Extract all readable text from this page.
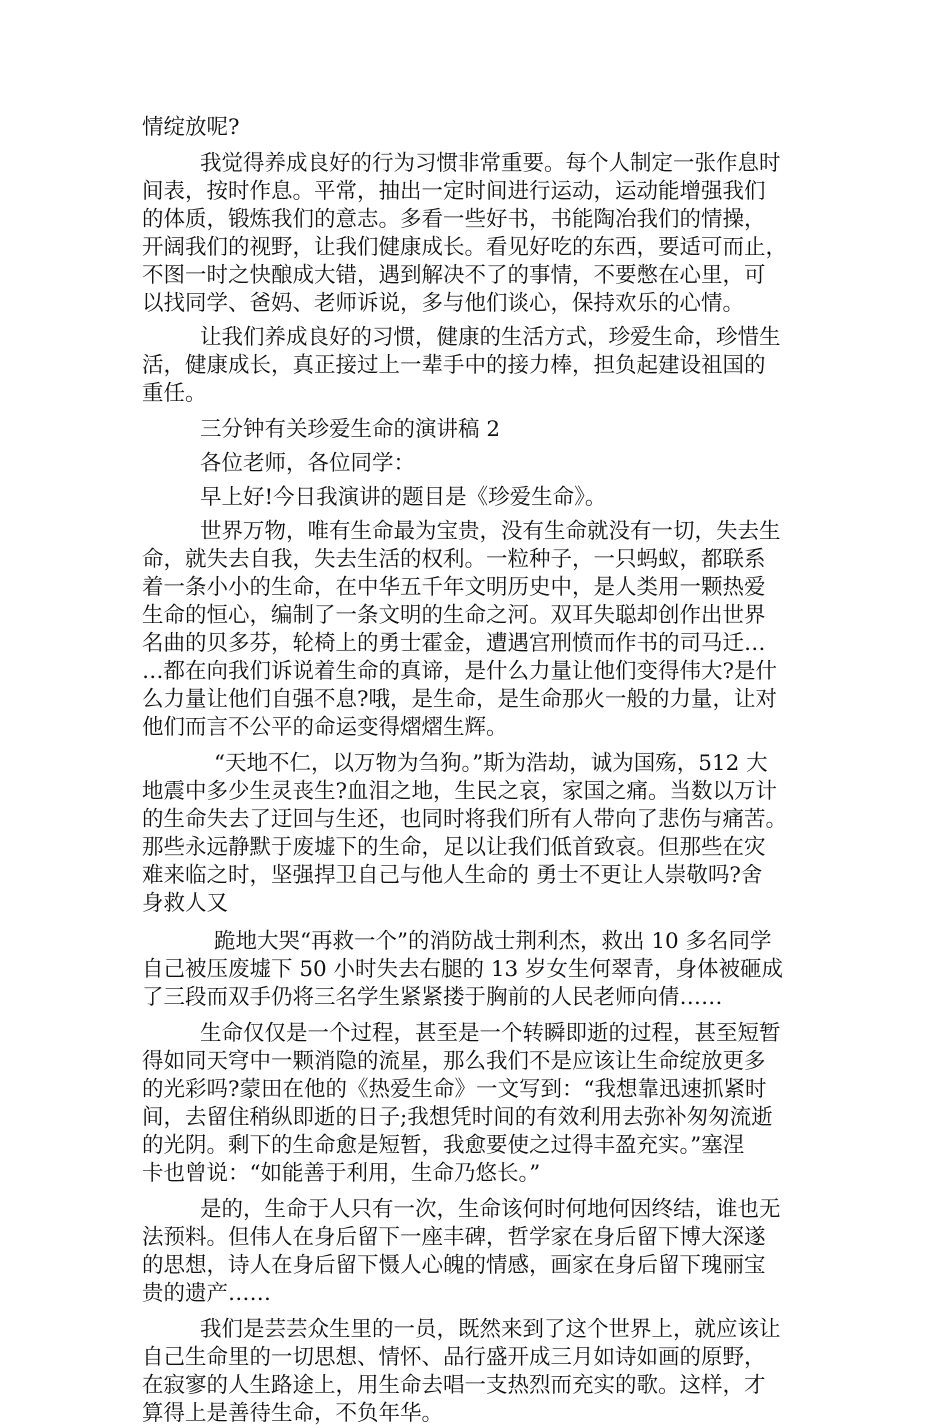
情绽放呢?
我觉得养成良好的行为习惯非常重要。每个人制定一张作息时
间表，按时作息。平常，抽出一定时间进行运动，运动能增强我们
的体质，锻炼我们的意志。多看一些好书，书能陶冶我们的情操，
开阔我们的视野，让我们健康成长。看见好吃的东西，要适可而止，
不图一时之快酿成大错，遇到解决不了的事情，不要憋在心里，可
以找同学、爸妈、老师诉说，多与他们谈心，保持欢乐的心情。
让我们养成良好的习惯，健康的生活方式，珍爱生命，珍惜生
活，健康成长，真正接过上一辈手中的接力棒，担负起建设祖国的
重任。
三分钟有关珍爱生命的演讲稿 2
各位老师，各位同学：
早上好!今日我演讲的题目是《珍爱生命》。
世界万物，唯有生命最为宝贵，没有生命就没有一切，失去生
命，就失去自我，失去生活的权利。一粒种子，一只蚂蚁，都联系
着一条小小的生命，在中华五千年文明历史中，是人类用一颗热爱
生命的恒心，编制了一条文明的生命之河。双耳失聪却创作出世界
名曲的贝多芬，轮椅上的勇士霍金，遭遇宫刑愤而作书的司马迁…
…都在向我们诉说着生命的真谛，是什么力量让他们变得伟大?是什
么力量让他们自强不息?哦，是生命，是生命那火一般的力量，让对
他们而言不公平的命运变得熠熠生辉。
“天地不仁，以万物为刍狗。”斯为浩劫，诚为国殇，512 大
地震中多少生灵丧生?血泪之地，生民之哀，家国之痛。当数以万计
的生命失去了迂回与生还，也同时将我们所有人带向了悲伤与痛苦。
那些永远静默于废墟下的生命，足以让我们低首致哀。但那些在灾
难来临之时，坚强捍卫自己与他人生命的 勇士不更让人崇敬吗?舍
身救人又
跪地大哭“再救一个”的消防战士荆利杰，救出 10 多名同学
自己被压废墟下 50 小时失去右腿的 13 岁女生何翠青，身体被砸成
了三段而双手仍将三名学生紧紧搂于胸前的人民老师向倩……
生命仅仅是一个过程，甚至是一个转瞬即逝的过程，甚至短暂
得如同天穹中一颗消隐的流星，那么我们不是应该让生命绽放更多
的光彩吗?蒙田在他的《热爱生命》一文写到：“我想靠迅速抓紧时
间，去留住稍纵即逝的日子;我想凭时间的有效利用去弥补匆匆流逝
的光阴。剩下的生命愈是短暂，我愈要使之过得丰盈充实。”塞涅
卡也曾说：“如能善于利用，生命乃悠长。”
是的，生命于人只有一次，生命该何时何地何因终结，谁也无
法预料。但伟人在身后留下一座丰碑，哲学家在身后留下博大深遂
的思想，诗人在身后留下慑人心魄的情感，画家在身后留下瑰丽宝
贵的遗产……
我们是芸芸众生里的一员，既然来到了这个世界上，就应该让
自己生命里的一切思想、情怀、品行盛开成三月如诗如画的原野，
在寂寥的人生路途上，用生命去唱一支热烈而充实的歌。这样，才
算得上是善待生命，不负年华。
